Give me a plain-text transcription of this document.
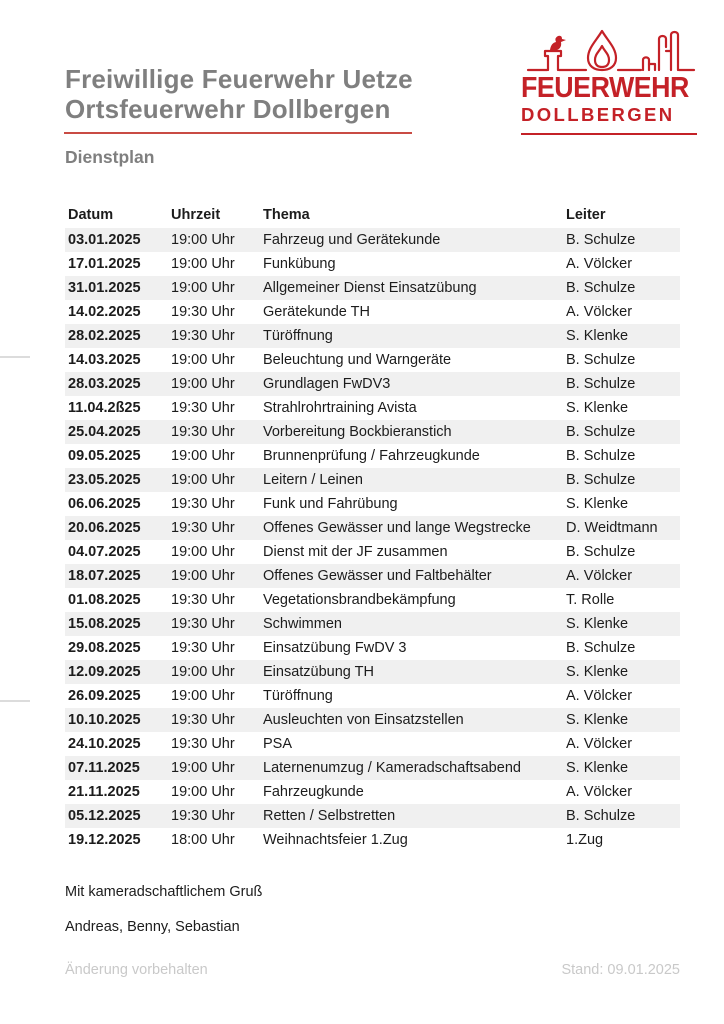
Freiwillige Feuerwehr Uetze
Ortsfeuerwehr Dollbergen
Dienstplan
FEUERWEHR
DOLLBERGEN
Datum	Uhrzeit	Thema	Leiter
03.01.2025	19:00 Uhr	Fahrzeug und Gerätekunde	B. Schulze
17.01.2025	19:00 Uhr	Funkübung	A. Völcker
31.01.2025	19:00 Uhr	Allgemeiner Dienst Einsatzübung	B. Schulze
14.02.2025	19:30 Uhr	Gerätekunde TH	A. Völcker
28.02.2025	19:30 Uhr	Türöffnung	S. Klenke
14.03.2025	19:00 Uhr	Beleuchtung und Warngeräte	B. Schulze
28.03.2025	19:00 Uhr	Grundlagen FwDV3	B. Schulze
11.04.2ß25	19:30 Uhr	Strahlrohrtraining Avista	S. Klenke
25.04.2025	19:30 Uhr	Vorbereitung Bockbieranstich	B. Schulze
09.05.2025	19:00 Uhr	Brunnenprüfung / Fahrzeugkunde	B. Schulze
23.05.2025	19:00 Uhr	Leitern / Leinen	B. Schulze
06.06.2025	19:30 Uhr	Funk und Fahrübung	S. Klenke
20.06.2025	19:30 Uhr	Offenes Gewässer und lange Wegstrecke	D. Weidtmann
04.07.2025	19:00 Uhr	Dienst mit der JF zusammen	B. Schulze
18.07.2025	19:00 Uhr	Offenes Gewässer und Faltbehälter	A. Völcker
01.08.2025	19:30 Uhr	Vegetationsbrandbekämpfung	T. Rolle
15.08.2025	19:30 Uhr	Schwimmen	S. Klenke
29.08.2025	19:30 Uhr	Einsatzübung FwDV 3	B. Schulze
12.09.2025	19:00 Uhr	Einsatzübung TH	S. Klenke
26.09.2025	19:00 Uhr	Türöffnung	A. Völcker
10.10.2025	19:30 Uhr	Ausleuchten von Einsatzstellen	S. Klenke
24.10.2025	19:30 Uhr	PSA	A. Völcker
07.11.2025	19:00 Uhr	Laternenumzug / Kameradschaftsabend	S. Klenke
21.11.2025	19:00 Uhr	Fahrzeugkunde	A. Völcker
05.12.2025	19:30 Uhr	Retten / Selbstretten	B. Schulze
19.12.2025	18:00 Uhr	Weihnachtsfeier 1.Zug	1.Zug
Mit kameradschaftlichem Gruß
Andreas, Benny, Sebastian
Änderung vorbehalten	Stand: 09.01.2025
